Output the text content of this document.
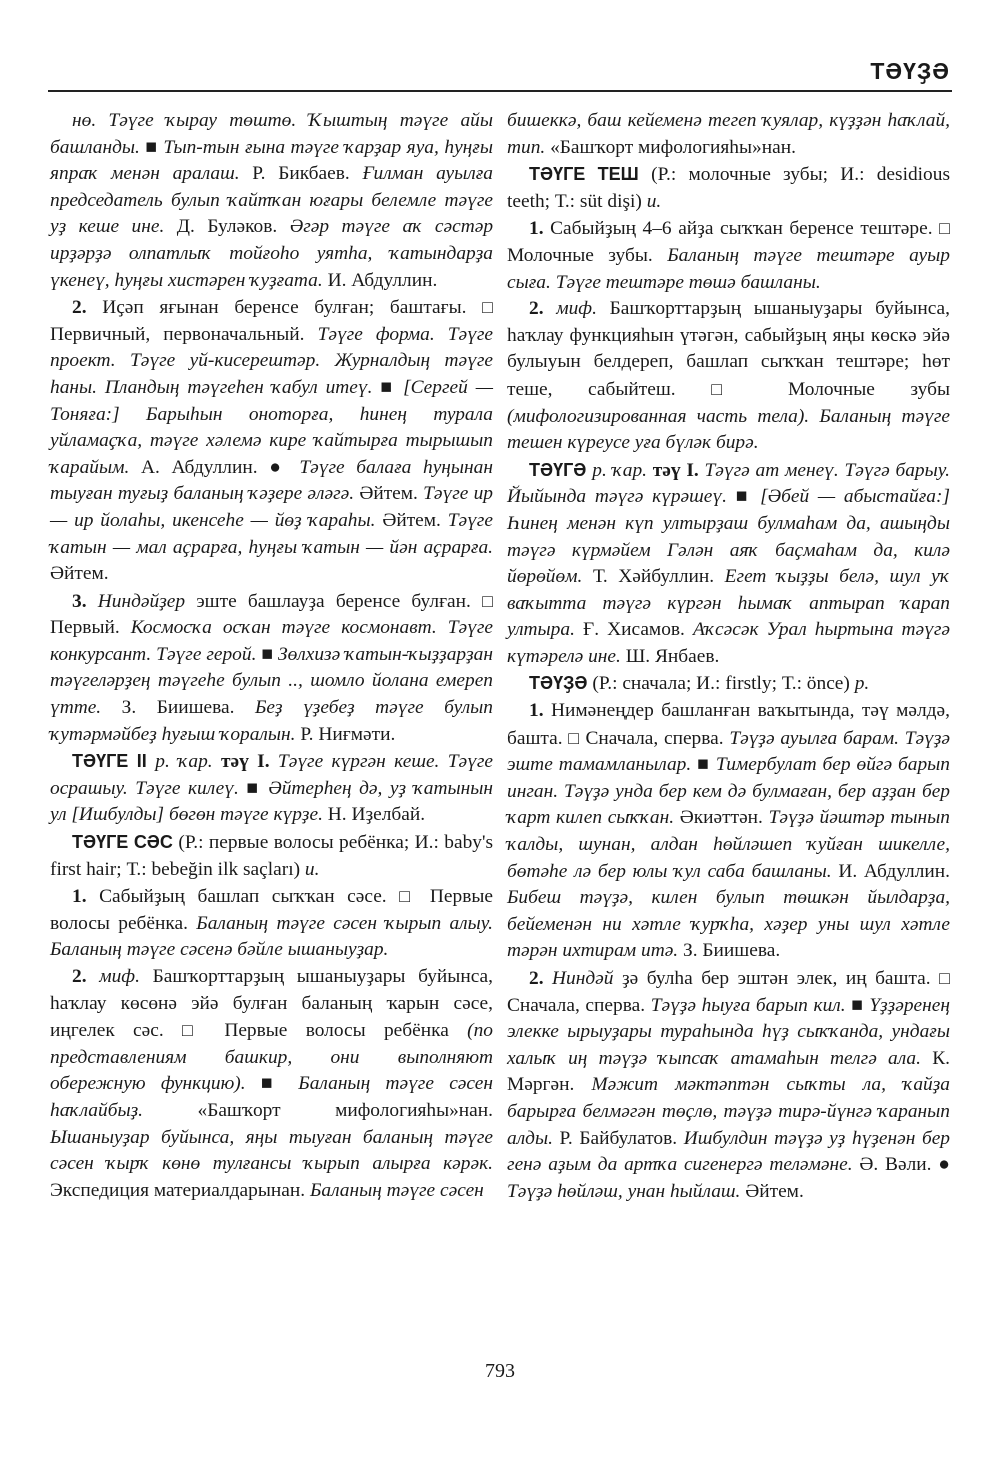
ТӘҮҘӘ

нө. Тәүге ҡырау төштө. Ҡыштың тәүге айы башланды. ■ Тып-тын ғына тәүге ҡарҙар яуа, һуңғы япраҡ менән аралаш. Р. Бикбаев. Ғилман ауылға председатель булып ҡайтҡан юғары белемле тәүге уҙ кеше ине. Д. Буләков. Әгәр тәүге аҡ сәстәр ирҙәрҙә олпатлыҡ тойғоһо уятһа, ҡатындарҙа үкенеү, һуңғы хистәрен ҡуҙғата. И. Абдуллин.

2. Иҫәп яғынан беренсе булған; баштағы. □ Первичный, первоначальный. Тәүге форма. Тәүге проект. Тәүге уй-кисерештәр. Журналдың тәүге һаны. Пландың тәүгеһен ҡабул итеү. ■ [Сергей — Тоняға:] Барыһын оноторға, һинең турала уйламаҫҡа, тәүге хәлемә кире ҡайтырға тырышып ҡарайым. А. Абдуллин. ● Тәүге балаға һуңынан тыуған туғыҙ баланың ҡәҙере әләгә. Әйтем. Тәүге ир — ир йолаһы, икенсеһе — йөҙ ҡараһы. Әйтем. Тәүге ҡатын — мал аҫрарға, һуңғы ҡатын — йән аҫрарға. Әйтем.

3. Ниндәйҙер эште башлауҙа беренсе булған. □ Первый. Космосҡа осҡан тәүге космонавт. Тәүге конкурсант. Тәүге герой. ■ Зөлхизә ҡатын-ҡыҙҙарҙан тәүгеләрҙең тәүгеһе булып .., шомло йолана емереп үтте. З. Биишева. Беҙ үҙебеҙ тәүге булып ҡутәрмәйбеҙ һуғыш ҡоралын. Р. Ниғмәти.

ТӘҮГЕ II р. ҡар. тәү I. Тәүге күргән кеше. Тәүге осрашыу. Тәүге килеү. ■ Әйтерһең дә, уҙ ҡатынын ул [Ишбулды] бөгөн тәүге күрҙе. Н. Иҙелбай.

ТӘҮГЕ СӘС (Р.: первые волосы ребёнка; И.: baby's first hair; Т.: bebeğin ilk saçları) и.

1. Сабыйҙың башлап сыҡҡан сәсе. □ Первые волосы ребёнка. Баланың тәүге сәсен ҡырып алыу. Баланың тәүге сәсенә бәйле ышаныуҙар.

2. миф. Башҡорттарҙың ышаныуҙары буйынса, һаҡлау көсөнә эйә булған баланың ҡарын сәсе, иңгелек сәс. □ Первые волосы ребёнка (по представлениям башкир, они выполняют обережную функцию). ■ Баланың тәүге сәсен һаҡлайбыҙ. «Башҡорт мифологияһы»нан. Ышаныуҙар буйынса, яңы тыуған баланың тәүге сәсен ҡырҡ көнө тулғансы ҡырып алырға кәрәк. Экспедиция материалдарынан. Баланың тәүге сәсен

бишеккә, баш кейеменә тегеп ҡуялар, күҙҙән һаҡлай, тип. «Башҡорт мифологияһы»нан.

ТӘҮГЕ ТЕШ (Р.: молочные зубы; И.: desidious teeth; Т.: süt dişi) и.

1. Сабыйҙың 4–6 айҙа сыҡҡан беренсе тештәре. □ Молочные зубы. Баланың тәүге тештәре ауыр сыға. Тәүге тештәре төшә башланы.

2. миф. Башҡорттарҙың ышаныуҙары буйынса, һаҡлау функцияһын үтәгән, сабыйҙың яңы көскә эйә булыуын белдереп, башлап сыҡҡан тештәре; һөт теше, сабыйтеш. □ Молочные зубы (мифологизированная часть тела). Баланың тәүге тешен күреусе уға бүләк бирә.

ТӘҮГӘ р. ҡар. тәү I. Тәүгә ат менеү. Тәүгә барыу. Йыйында тәүгә күрәшеү. ■ [Әбей — абыстайға:] Һинең менән күп ултырҙаш булмаһам да, ашыңды тәүгә күрмәйем Гәлән аяҡ баҫмаһам да, килә йөрөйөм. Т. Хәйбуллин. Егет ҡыҙҙы белә, шул уҡ ваҡытта тәүгә күргән һымаҡ аптырап ҡарап ултыра. Ғ. Хисамов. Аҡсәсәк Урал һыртына тәүгә күтәрелә ине. Ш. Янбаев.

ТӘҮҘӘ (Р.: сначала; И.: firstly; Т.: önce) р.

1. Нимәнеңдер башланған ваҡытында, тәү мәлдә, башта. □ Сначала, сперва. Тәүҙә ауылға барам. Тәүҙә эште тамамланылар. ■ Тимербулат бер өйгә барып инган. Тәүҙә унда бер кем дә булмаған, бер аҙҙан бер ҡарт килеп сыҡҡан. Әкиәттән. Тәүҙә йәштәр тынып ҡалды, шунан, алдан һөйләшеп ҡуйған шикелле, бөтәһе лә бер юлы ҡул саба башланы. И. Абдуллин. Бибеш тәүҙә, килен булып төшкән йылдарҙа, бейеменән ни хәтле ҡурҡһа, хәҙер уны шул хәтле тәрән ихтирам итә. З. Биишева.

2. Ниндәй ҙә булһа бер эштән элек, иң башта. □ Сначала, сперва. Тәүҙә һыуға барып кил. ■ Үҙҙәренең элекке ырыуҙары тураһында һүҙ сыҡҡанда, ундағы халыҡ иң тәүҙә ҡыпсаҡ атамаһын телгә ала. К. Мәргән. Мәжит мәктәптән сыҡты ла, ҡайҙа барырға белмәгән төҫлө, тәүҙә тирә-йүнгә ҡаранып алды. Р. Байбулатов. Ишбулдин тәүҙә уҙ һүҙенән бер генә аҙым да артҡа сигенергә теләмәне. Ә. Вәли. ● Тәүҙә һөйләш, унан һыйлаш. Әйтем.

793
